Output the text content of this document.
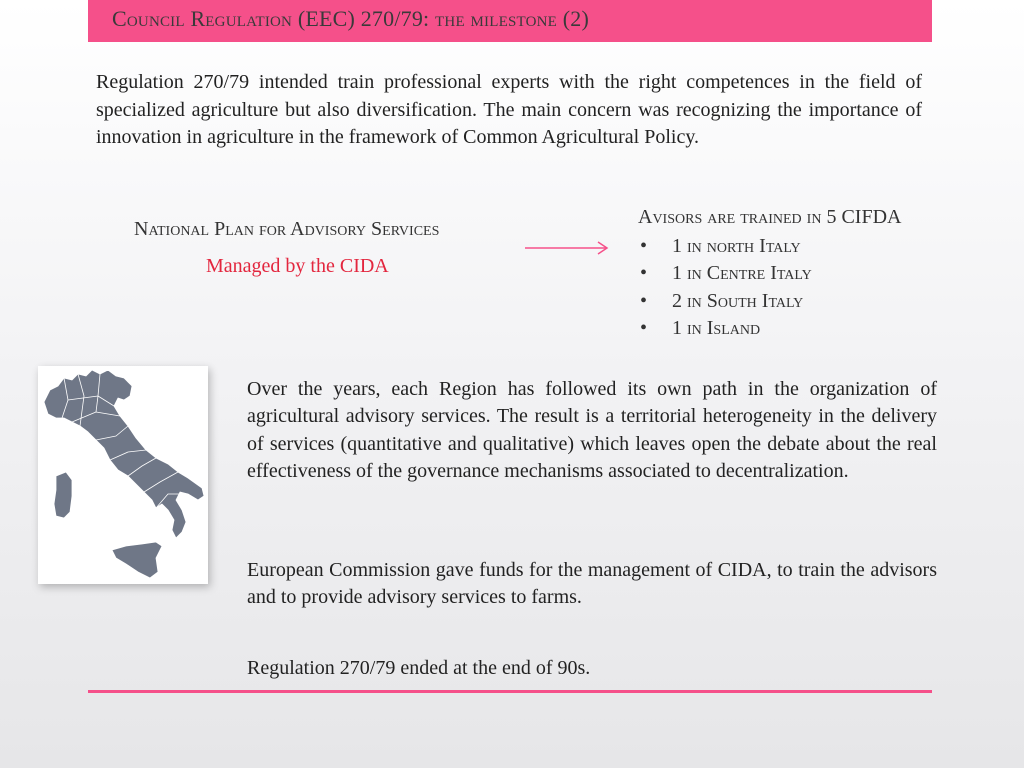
Council Regulation (EEC) 270/79: the milestone (2)

Regulation 270/79 intended train professional experts with the right competences in the field of specialized agriculture but also diversification. The main concern was recognizing the importance of innovation in agriculture in the framework of Common Agricultural Policy.

National Plan for Advisory Services
Managed by the CIDA
Avisors are trained in 5 CIFDA
• 1 in north Italy
• 1 in Centre Italy
• 2 in South Italy
• 1 in Island

Over the years, each Region has followed its own path in the organization of agricultural advisory services. The result is a territorial heterogeneity in the delivery of services (quantitative and qualitative) which leaves open the debate about the real effectiveness of the governance mechanisms associated to decentralization.

European Commission gave funds for the management of CIDA, to train the advisors and to provide advisory services to farms.

Regulation 270/79 ended at the end of 90s.
